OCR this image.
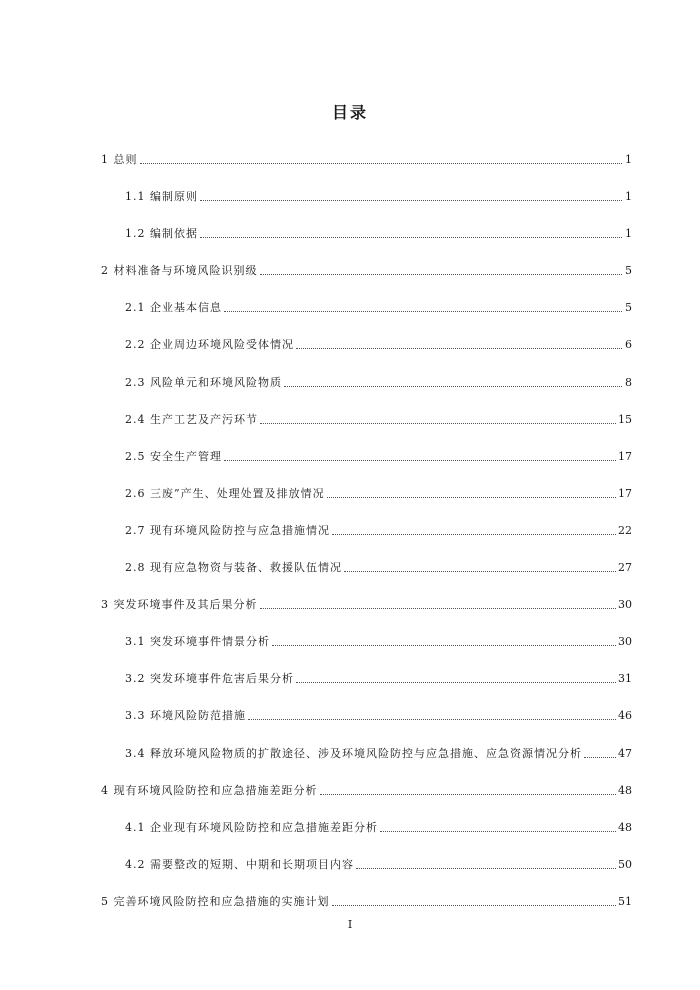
目录
1 总则	1
1.1 编制原则	1
1.2 编制依据	1
2 材料准备与环境风险识别级	5
2.1 企业基本信息	5
2.2 企业周边环境风险受体情况	6
2.3 风险单元和环境风险物质	8
2.4 生产工艺及产污环节	15
2.5 安全生产管理	17
2.6 三废”产生、处理处置及排放情况	17
2.7 现有环境风险防控与应急措施情况	22
2.8 现有应急物资与装备、救援队伍情况	27
3 突发环境事件及其后果分析	30
3.1 突发环境事件情景分析	30
3.2 突发环境事件危害后果分析	31
3.3 环境风险防范措施	46
3.4 释放环境风险物质的扩散途径、涉及环境风险防控与应急措施、应急资源情况分析	47
4 现有环境风险防控和应急措施差距分析	48
4.1 企业现有环境风险防控和应急措施差距分析	48
4.2 需要整改的短期、中期和长期项目内容	50
5 完善环境风险防控和应急措施的实施计划	51
I
